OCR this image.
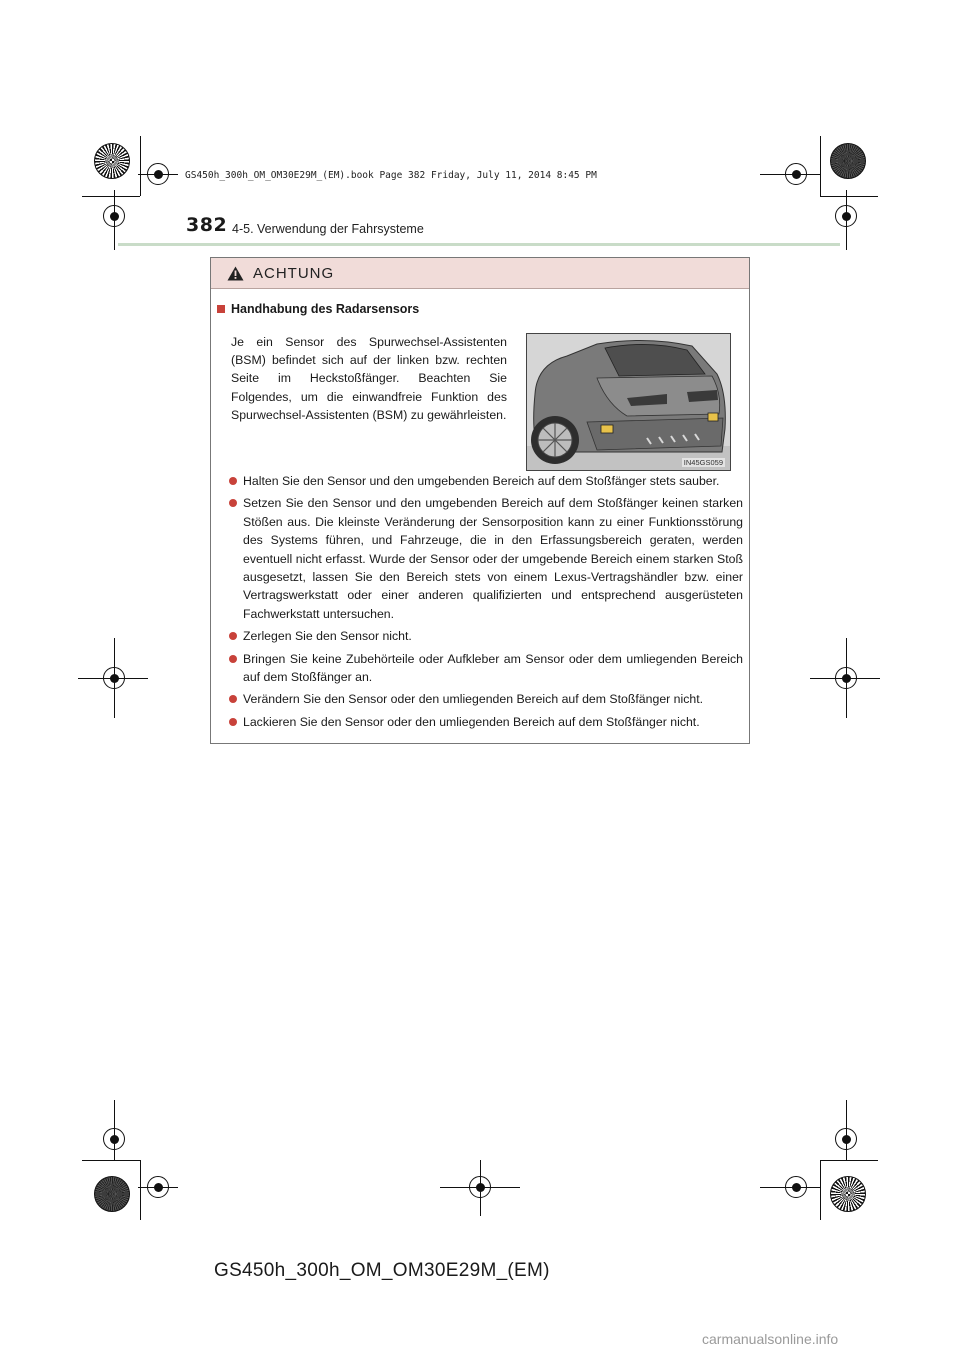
GS450h_300h_OM_OM30E29M_(EM).book Page 382 Friday, July 11, 2014 8:45 PM
382 4-5. Verwendung der Fahrsysteme
ACHTUNG
Handhabung des Radarsensors
Je ein Sensor des Spurwechsel-Assistenten (BSM) befindet sich auf der linken bzw. rechten Seite im Heckstoßfänger. Beachten Sie Folgendes, um die einwandfreie Funktion des Spurwechsel-Assistenten (BSM) zu gewährleisten.
IN45GS059
Halten Sie den Sensor und den umgebenden Bereich auf dem Stoßfänger stets sauber.
Setzen Sie den Sensor und den umgebenden Bereich auf dem Stoßfänger keinen starken Stößen aus. Die kleinste Veränderung der Sensorposition kann zu einer Funktionsstörung des Systems führen, und Fahrzeuge, die in den Erfassungsbereich geraten, werden eventuell nicht erfasst. Wurde der Sensor oder der umgebende Bereich einem starken Stoß ausgesetzt, lassen Sie den Bereich stets von einem Lexus-Vertragshändler bzw. einer Vertragswerkstatt oder einer anderen qualifizierten und entsprechend ausgerüsteten Fachwerkstatt untersuchen.
Zerlegen Sie den Sensor nicht.
Bringen Sie keine Zubehörteile oder Aufkleber am Sensor oder dem umliegenden Bereich auf dem Stoßfänger an.
Verändern Sie den Sensor oder den umliegenden Bereich auf dem Stoßfänger nicht.
Lackieren Sie den Sensor oder den umliegenden Bereich auf dem Stoßfänger nicht.
GS450h_300h_OM_OM30E29M_(EM)
carmanualsonline.info
